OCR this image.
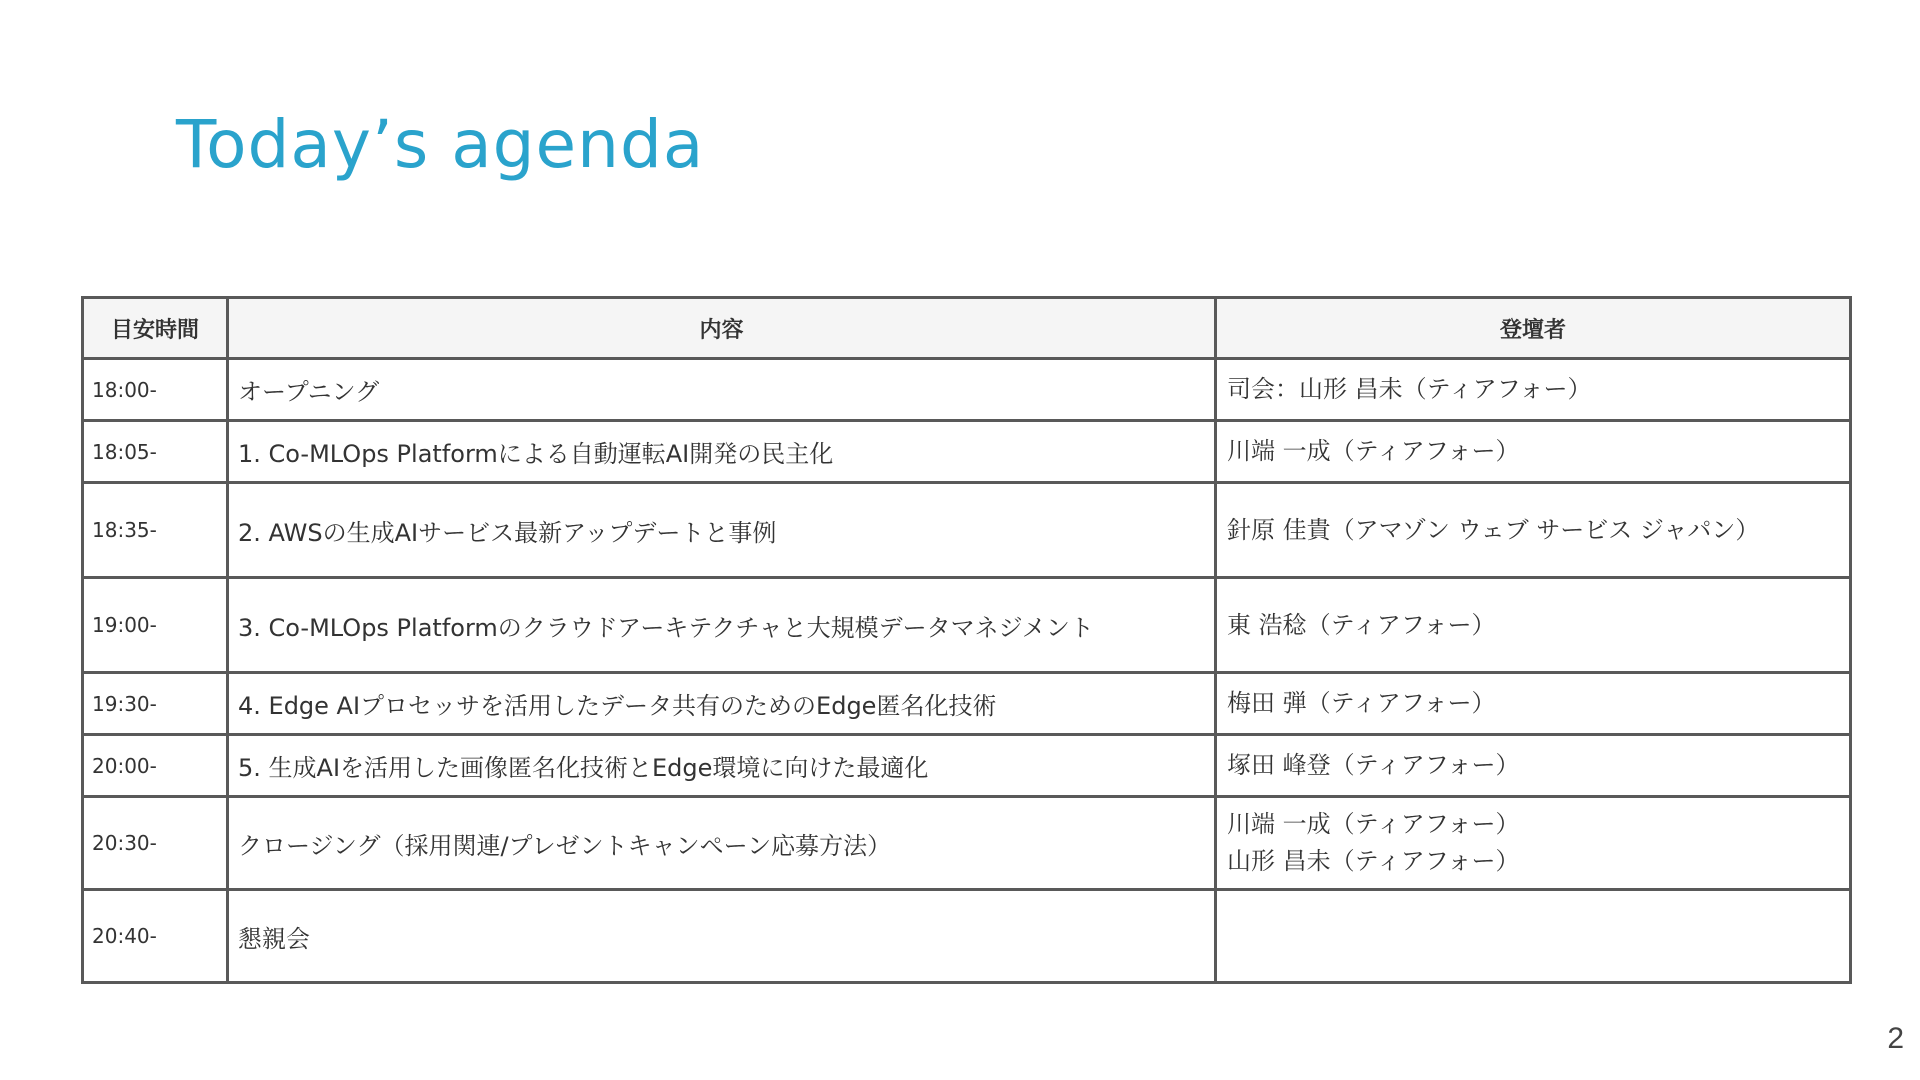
Today’s agenda
目安時間	内容	登壇者
18:00-	オープニング	司会：山形 昌未（ティアフォー）

18:05-	1. Co-MLOps Platformによる自動運転AI開発の民主化	川端 一成（ティアフォー）

18:35-	2. AWSの生成AIサービス最新アップデートと事例	針原 佳貴（アマゾン ウェブ サービス ジャパン）

19:00-	3. Co-MLOps Platformのクラウドアーキテクチャと大規模データマネジメント	東 浩稔（ティアフォー）

19:30-	4. Edge AIプロセッサを活用したデータ共有のためのEdge匿名化技術	梅田 弾（ティアフォー）

20:00-	5. 生成AIを活用した画像匿名化技術とEdge環境に向けた最適化	塚田 峰登（ティアフォー）

20:30-	クロージング（採用関連/プレゼントキャンペーン応募方法）	川端 一成（ティアフォー）
山形 昌未（ティアフォー）

20:40-	懇親会	
2
